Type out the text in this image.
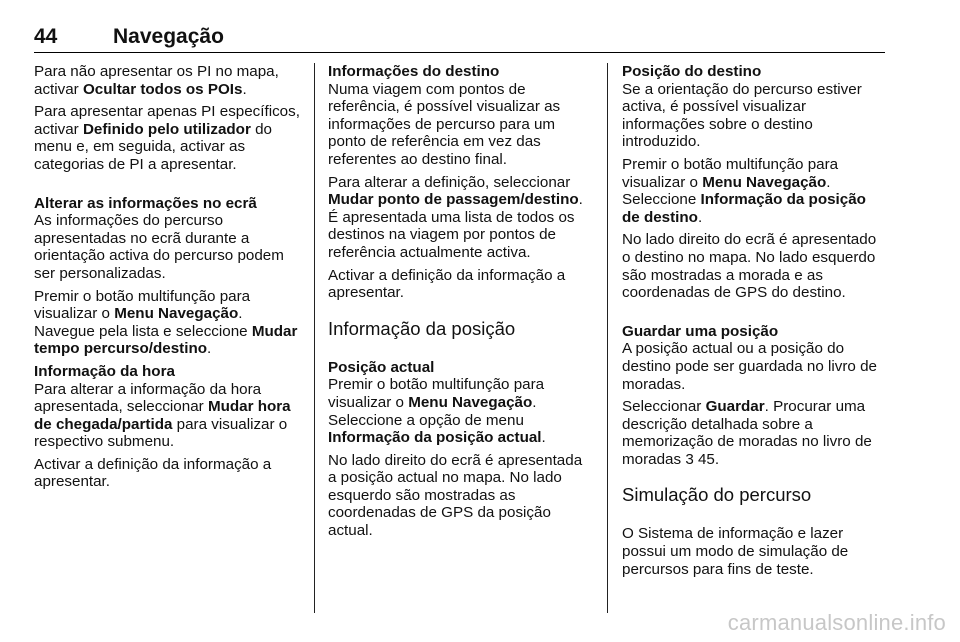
44	Navegação

Para não apresentar os PI no mapa, activar Ocultar todos os POIs.

Para apresentar apenas PI específicos, activar Definido pelo utilizador do menu e, em seguida, activar as categorias de PI a apresentar.

Alterar as informações no ecrã

As informações do percurso apresentadas no ecrã durante a orientação activa do percurso podem ser personalizadas.

Premir o botão multifunção para visualizar o Menu Navegação.
Navegue pela lista e seleccione Mudar tempo percurso/destino.

Informação da hora

Para alterar a informação da hora apresentada, seleccionar Mudar hora de chegada/partida para visualizar o respectivo submenu.

Activar a definição da informação a apresentar.

Informações do destino

Numa viagem com pontos de referência, é possível visualizar as informações de percurso para um ponto de referência em vez das referentes ao destino final.

Para alterar a definição, seleccionar Mudar ponto de passagem/destino. É apresentada uma lista de todos os destinos na viagem por pontos de referência actualmente activa.

Activar a definição da informação a apresentar.

Informação da posição
Posição actual

Premir o botão multifunção para visualizar o Menu Navegação.
Seleccione a opção de menu Informação da posição actual.

No lado direito do ecrã é apresentada a posição actual no mapa. No lado esquerdo são mostradas as coordenadas de GPS da posição actual.

Posição do destino

Se a orientação do percurso estiver activa, é possível visualizar informações sobre o destino introduzido.

Premir o botão multifunção para visualizar o Menu Navegação.
Seleccione Informação da posição de destino.

No lado direito do ecrã é apresentado o destino no mapa. No lado esquerdo são mostradas a morada e as coordenadas de GPS do destino.

Guardar uma posição

A posição actual ou a posição do destino pode ser guardada no livro de moradas.

Seleccionar Guardar. Procurar uma descrição detalhada sobre a memorização de moradas no livro de moradas 3 45.

Simulação do percurso

O Sistema de informação e lazer possui um modo de simulação de percursos para fins de teste.

carmanualsonline.info
